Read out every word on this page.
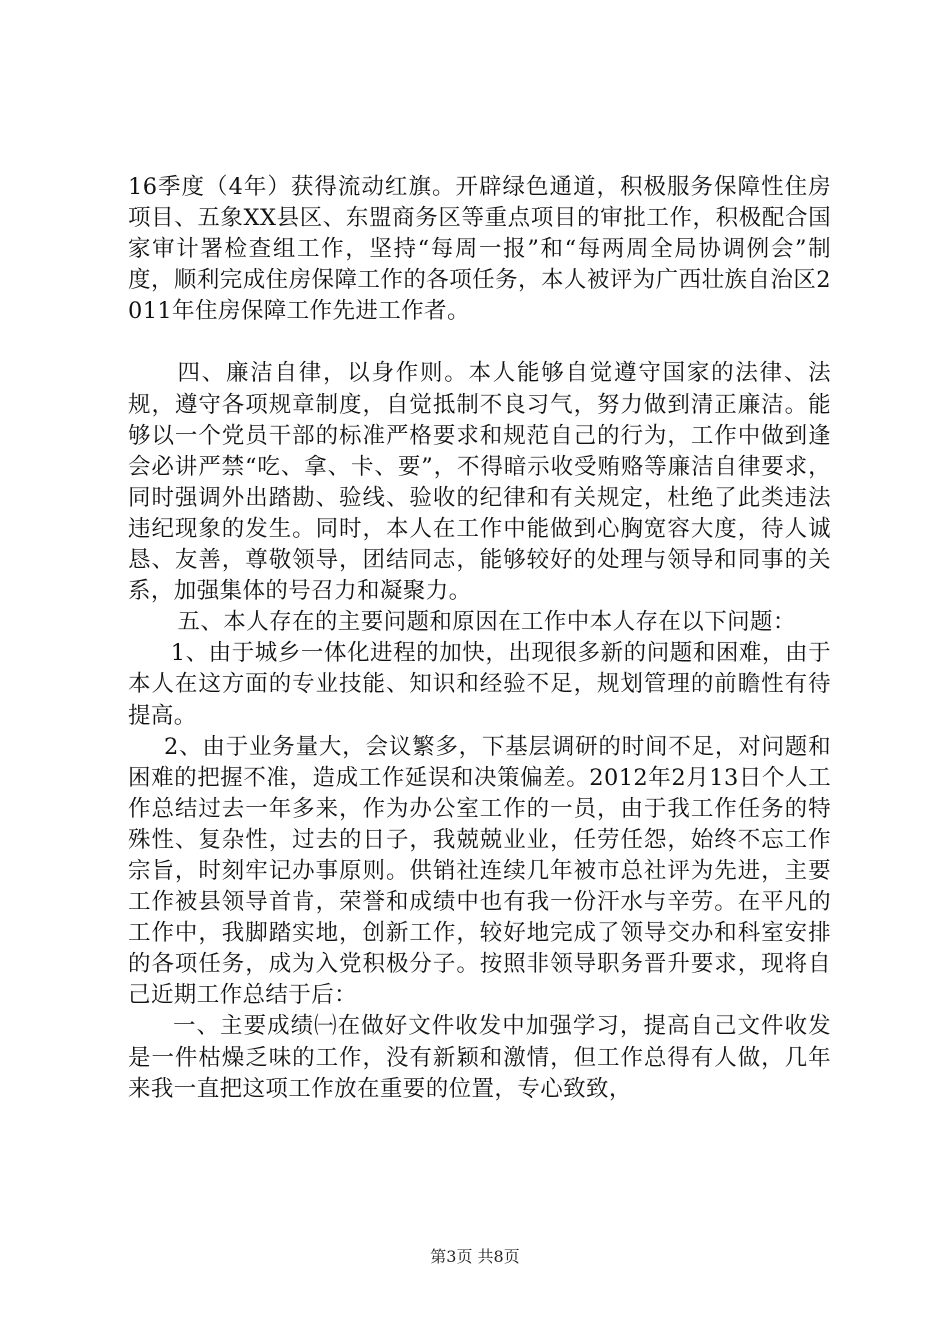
16季度（4年）获得流动红旗。开辟绿色通道，积极服务保障性住房项目、五象XX县区、东盟商务区等重点项目的审批工作，积极配合国家审计署检查组工作，坚持“每周一报”和“每两周全局协调例会”制度，顺利完成住房保障工作的各项任务，本人被评为广西壮族自治区2011年住房保障工作先进工作者。

四、廉洁自律，以身作则。本人能够自觉遵守国家的法律、法规，遵守各项规章制度，自觉抵制不良习气，努力做到清正廉洁。能够以一个党员干部的标准严格要求和规范自己的行为，工作中做到逢会必讲严禁“吃、拿、卡、要”，不得暗示收受贿赂等廉洁自律要求，同时强调外出踏勘、验线、验收的纪律和有关规定，杜绝了此类违法违纪现象的发生。同时，本人在工作中能做到心胸宽容大度，待人诚恳、友善，尊敬领导，团结同志，能够较好的处理与领导和同事的关系，加强集体的号召力和凝聚力。

五、本人存在的主要问题和原因在工作中本人存在以下问题：

1、由于城乡一体化进程的加快，出现很多新的问题和困难，由于本人在这方面的专业技能、知识和经验不足，规划管理的前瞻性有待提高。

2、由于业务量大，会议繁多，下基层调研的时间不足，对问题和困难的把握不准，造成工作延误和决策偏差。2012年2月13日个人工作总结过去一年多来，作为办公室工作的一员，由于我工作任务的特殊性、复杂性，过去的日子，我兢兢业业，任劳任怨，始终不忘工作宗旨，时刻牢记办事原则。供销社连续几年被市总社评为先进，主要工作被县领导首肯，荣誉和成绩中也有我一份汗水与辛劳。在平凡的工作中，我脚踏实地，创新工作，较好地完成了领导交办和科室安排的各项任务，成为入党积极分子。按照非领导职务晋升要求，现将自己近期工作总结于后：

一、主要成绩㈠在做好文件收发中加强学习，提高自己文件收发是一件枯燥乏味的工作，没有新颖和激情，但工作总得有人做，几年来我一直把这项工作放在重要的位置，专心致致，

第3页 共8页
